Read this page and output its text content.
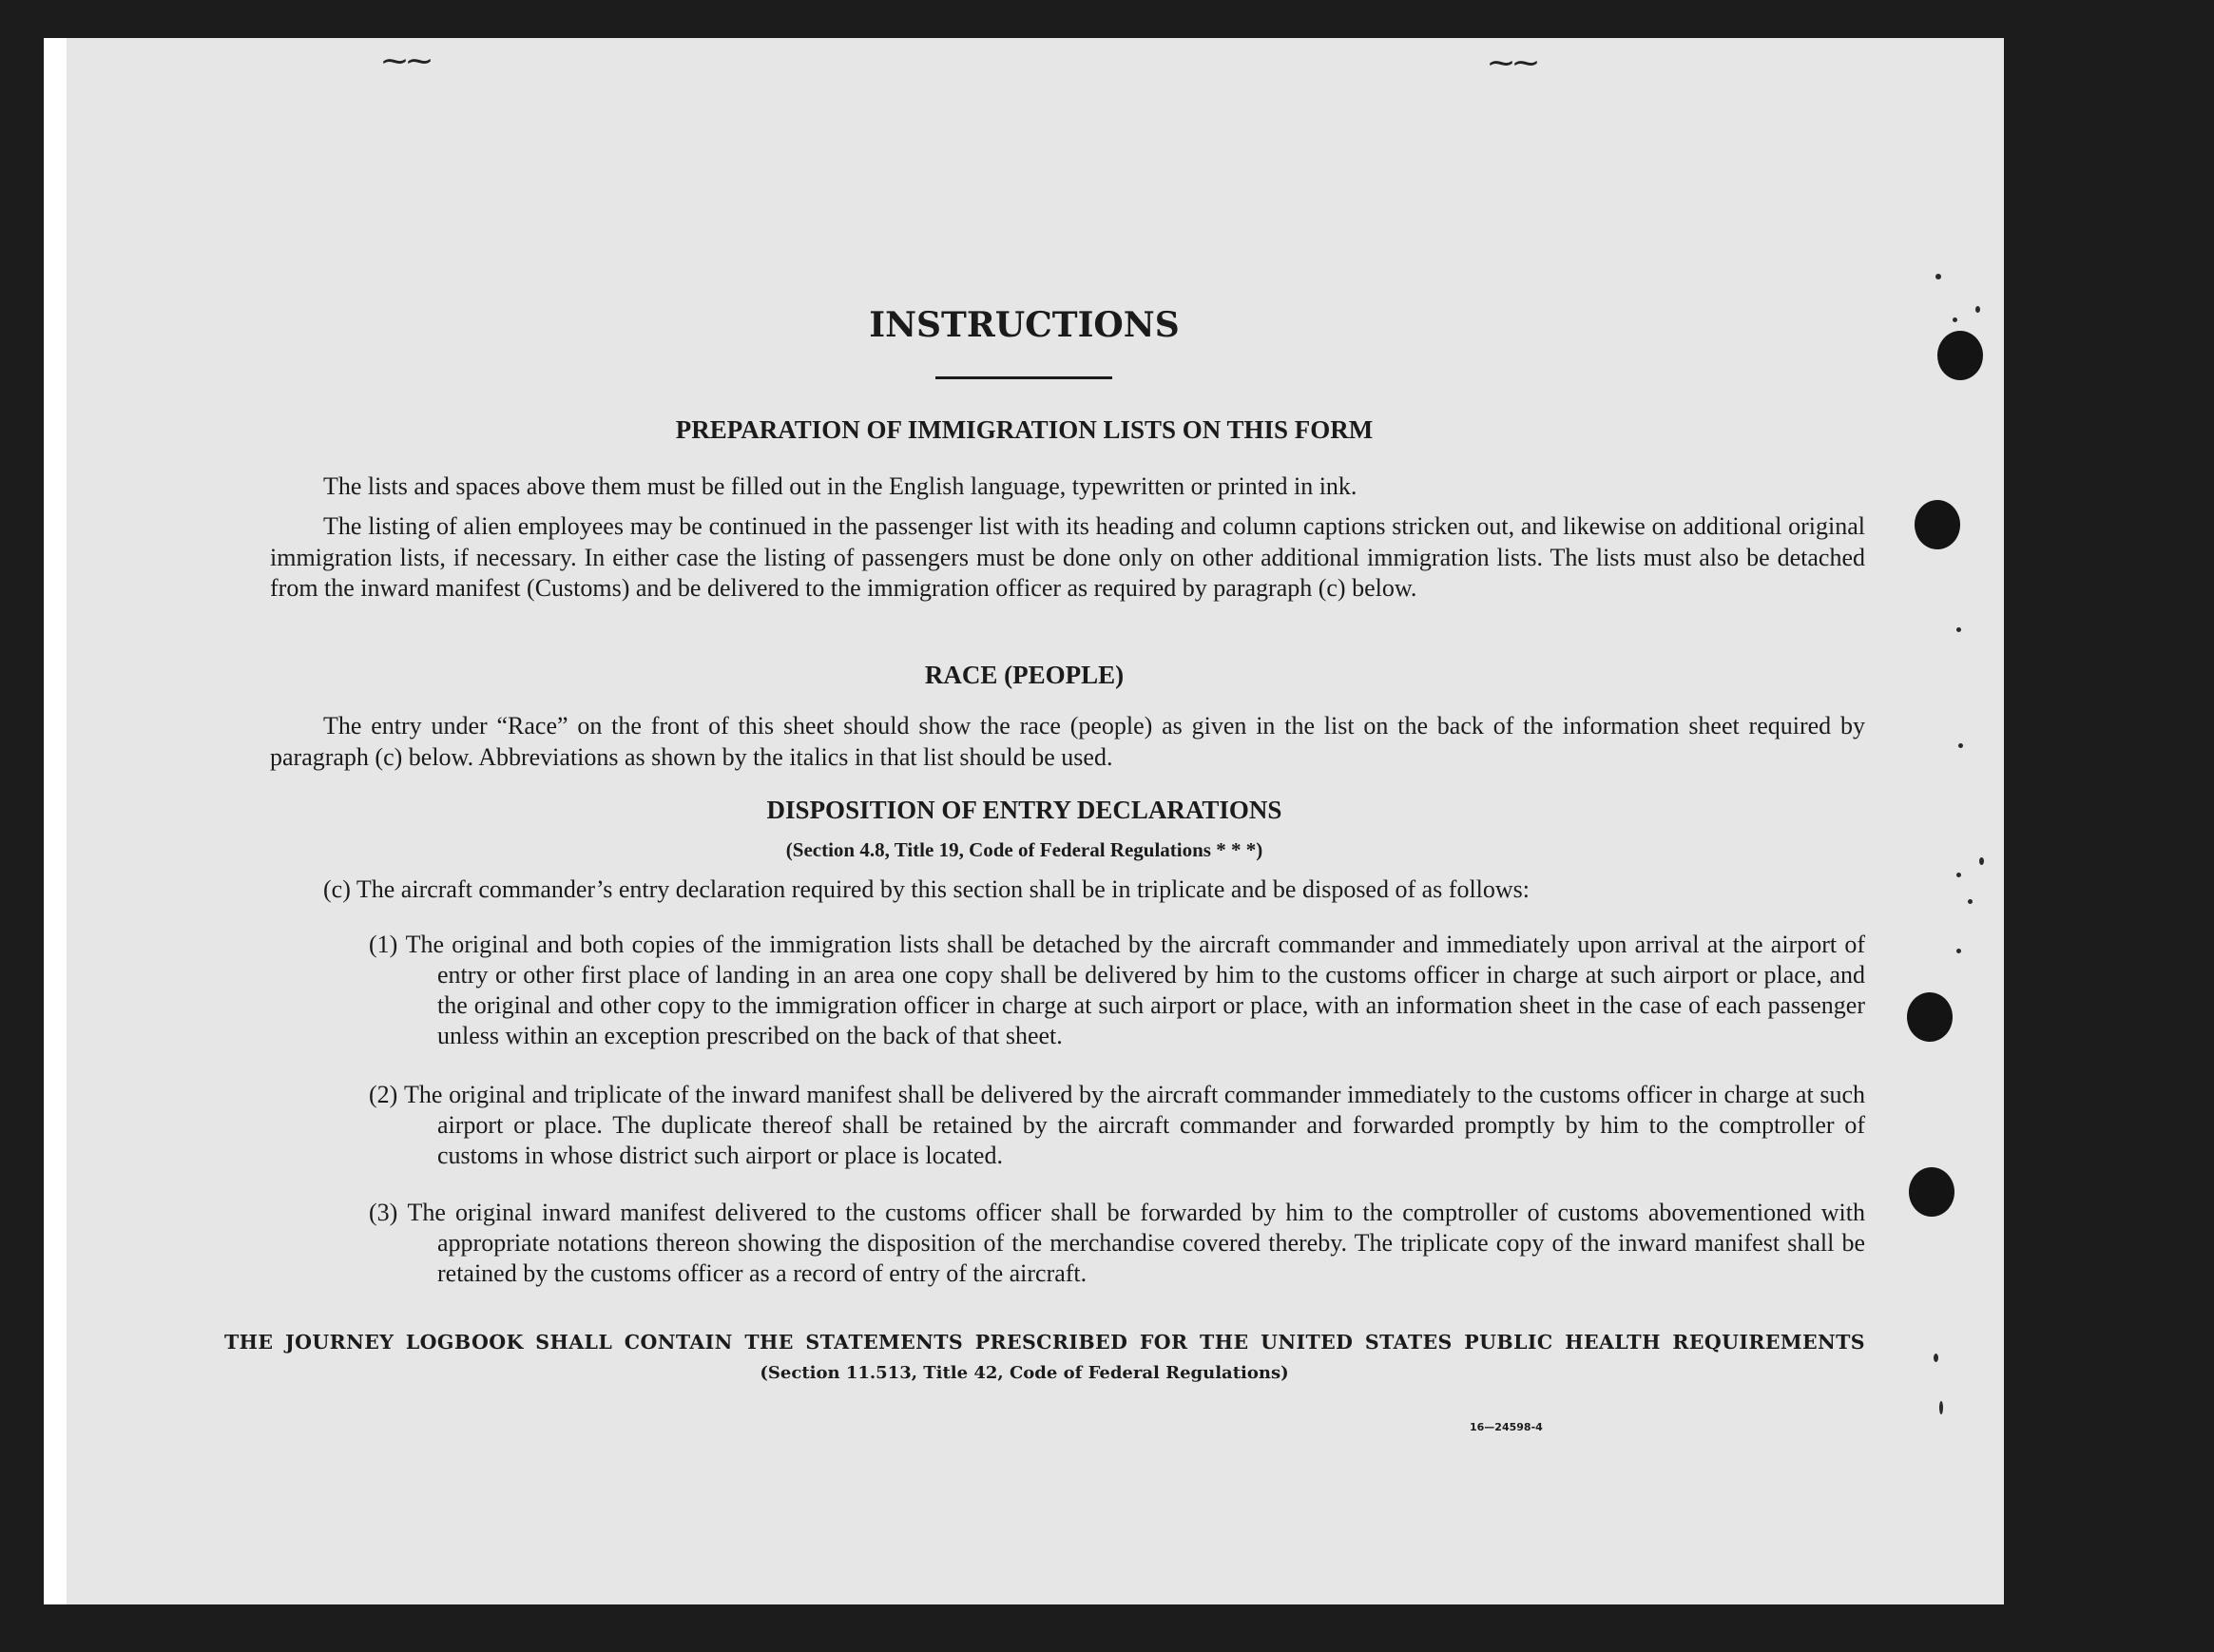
⁓⁓	⁓⁓
INSTRUCTIONS
PREPARATION OF IMMIGRATION LISTS ON THIS FORM
The lists and spaces above them must be filled out in the English language, typewritten or printed in ink.
The listing of alien employees may be continued in the passenger list with its heading and column captions stricken out, and likewise on additional original immigration lists, if necessary. In either case the listing of passengers must be done only on other additional immigration lists. The lists must also be detached from the inward manifest (Customs) and be delivered to the immigration officer as required by paragraph (c) below.
RACE (PEOPLE)
The entry under “Race” on the front of this sheet should show the race (people) as given in the list on the back of the information sheet required by paragraph (c) below. Abbreviations as shown by the italics in that list should be used.
DISPOSITION OF ENTRY DECLARATIONS
(Section 4.8, Title 19, Code of Federal Regulations * * *)
(c) The aircraft commander’s entry declaration required by this section shall be in triplicate and be disposed of as follows:
(1) The original and both copies of the immigration lists shall be detached by the aircraft commander and immediately upon arrival at the airport of entry or other first place of landing in an area one copy shall be delivered by him to the customs officer in charge at such airport or place, and the original and other copy to the immigration officer in charge at such airport or place, with an information sheet in the case of each passenger unless within an exception prescribed on the back of that sheet.
(2) The original and triplicate of the inward manifest shall be delivered by the aircraft commander immediately to the customs officer in charge at such airport or place. The duplicate thereof shall be retained by the aircraft commander and forwarded promptly by him to the comptroller of customs in whose district such airport or place is located.
(3) The original inward manifest delivered to the customs officer shall be forwarded by him to the comptroller of customs abovementioned with appropriate notations thereon showing the disposition of the merchandise covered thereby. The triplicate copy of the inward manifest shall be retained by the customs officer as a record of entry of the aircraft.
THE JOURNEY LOGBOOK SHALL CONTAIN THE STATEMENTS PRESCRIBED FOR THE UNITED STATES PUBLIC HEALTH REQUIREMENTS
(Section 11.513, Title 42, Code of Federal Regulations)
16—24598-4
